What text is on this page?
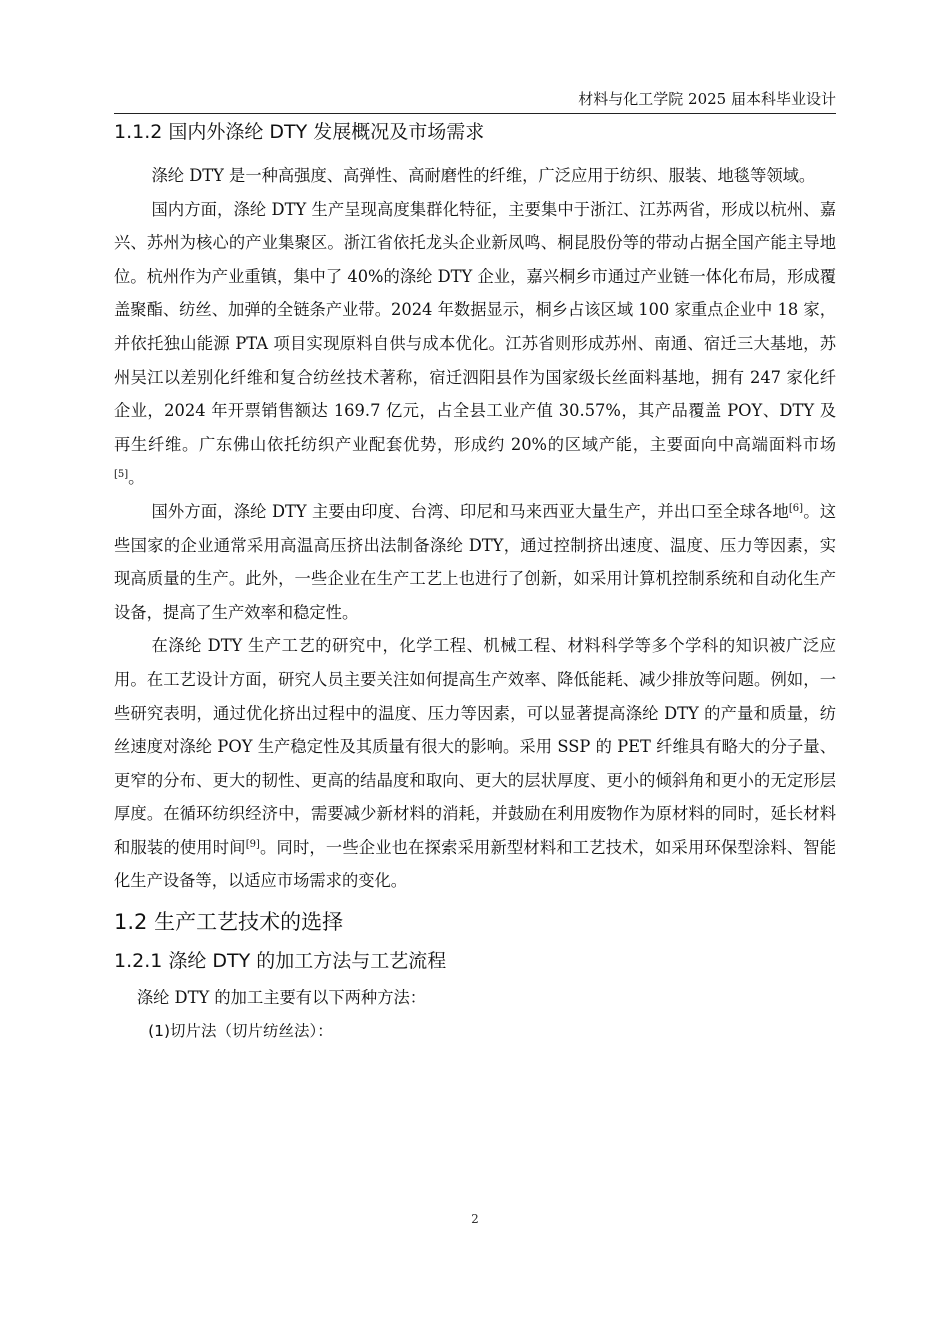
材料与化工学院 2025 届本科毕业设计
1.1.2 国内外涤纶 DTY 发展概况及市场需求

涤纶 DTY 是一种高强度、高弹性、高耐磨性的纤维，广泛应用于纺织、服装、地毯等领域。

国内方面，涤纶 DTY 生产呈现高度集群化特征，主要集中于浙江、江苏两省，形成以杭州、嘉兴、苏州为核心的产业集聚区。浙江省依托龙头企业新凤鸣、桐昆股份等的带动占据全国产能主导地位。杭州作为产业重镇，集中了 40%的涤纶 DTY 企业，嘉兴桐乡市通过产业链一体化布局，形成覆盖聚酯、纺丝、加弹的全链条产业带。2024 年数据显示，桐乡占该区域 100 家重点企业中 18 家，并依托独山能源 PTA 项目实现原料自供与成本优化。江苏省则形成苏州、南通、宿迁三大基地，苏州吴江以差别化纤维和复合纺丝技术著称，宿迁泗阳县作为国家级长丝面料基地，拥有 247 家化纤企业，2024 年开票销售额达 169.7 亿元，占全县工业产值 30.57%，其产品覆盖 POY、DTY 及再生纤维。广东佛山依托纺织产业配套优势，形成约 20%的区域产能，主要面向中高端面料市场[5]。

国外方面，涤纶 DTY 主要由印度、台湾、印尼和马来西亚大量生产，并出口至全球各地[6]。这些国家的企业通常采用高温高压挤出法制备涤纶 DTY，通过控制挤出速度、温度、压力等因素，实现高质量的生产。此外，一些企业在生产工艺上也进行了创新，如采用计算机控制系统和自动化生产设备，提高了生产效率和稳定性。

在涤纶 DTY 生产工艺的研究中，化学工程、机械工程、材料科学等多个学科的知识被广泛应用。在工艺设计方面，研究人员主要关注如何提高生产效率、降低能耗、减少排放等问题。例如，一些研究表明，通过优化挤出过程中的温度、压力等因素，可以显著提高涤纶 DTY 的产量和质量，纺丝速度对涤纶 POY 生产稳定性及其质量有很大的影响。采用 SSP 的 PET 纤维具有略大的分子量、更窄的分布、更大的韧性、更高的结晶度和取向、更大的层状厚度、更小的倾斜角和更小的无定形层厚度。在循环纺织经济中，需要减少新材料的消耗，并鼓励在利用废物作为原材料的同时，延长材料和服装的使用时间[9]。同时，一些企业也在探索采用新型材料和工艺技术，如采用环保型涂料、智能化生产设备等，以适应市场需求的变化。

1.2 生产工艺技术的选择
1.2.1 涤纶 DTY 的加工方法与工艺流程

涤纶 DTY 的加工主要有以下两种方法：

(1)切片法（切片纺丝法）：

2
